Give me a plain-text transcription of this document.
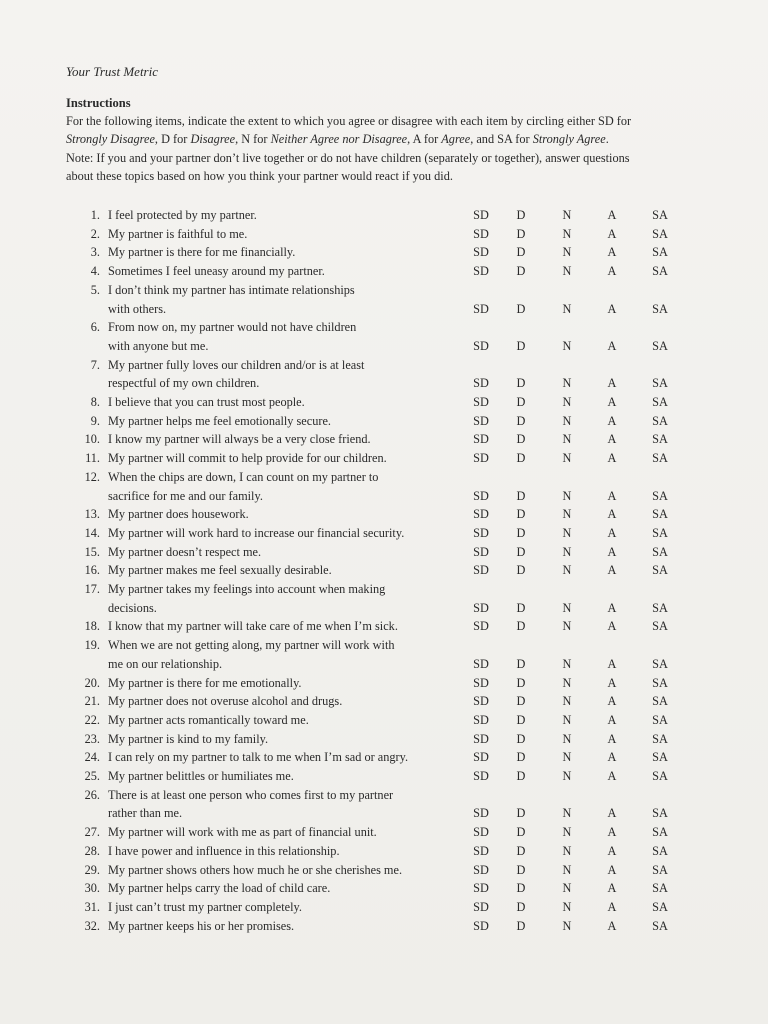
Your Trust Metric
Instructions
For the following items, indicate the extent to which you agree or disagree with each item by circling either SD for
Strongly Disagree, D for Disagree, N for Neither Agree nor Disagree, A for Agree, and SA for Strongly Agree.
Note: If you and your partner don’t live together or do not have children (separately or together), answer questions
about these topics based on how you think your partner would react if you did.
1. I feel protected by my partner.	SD	D	N	A	SA
2. My partner is faithful to me.	SD	D	N	A	SA
3. My partner is there for me financially.	SD	D	N	A	SA
4. Sometimes I feel uneasy around my partner.	SD	D	N	A	SA
5. I don’t think my partner has intimate relationships
with others.	SD	D	N	A	SA
6. From now on, my partner would not have children
with anyone but me.	SD	D	N	A	SA
7. My partner fully loves our children and/or is at least
respectful of my own children.	SD	D	N	A	SA
8. I believe that you can trust most people.	SD	D	N	A	SA
9. My partner helps me feel emotionally secure.	SD	D	N	A	SA
10. I know my partner will always be a very close friend.	SD	D	N	A	SA
11. My partner will commit to help provide for our children.	SD	D	N	A	SA
12. When the chips are down, I can count on my partner to
sacrifice for me and our family.	SD	D	N	A	SA
13. My partner does housework.	SD	D	N	A	SA
14. My partner will work hard to increase our financial security.	SD	D	N	A	SA
15. My partner doesn’t respect me.	SD	D	N	A	SA
16. My partner makes me feel sexually desirable.	SD	D	N	A	SA
17. My partner takes my feelings into account when making
decisions.	SD	D	N	A	SA
18. I know that my partner will take care of me when I’m sick.	SD	D	N	A	SA
19. When we are not getting along, my partner will work with
me on our relationship.	SD	D	N	A	SA
20. My partner is there for me emotionally.	SD	D	N	A	SA
21. My partner does not overuse alcohol and drugs.	SD	D	N	A	SA
22. My partner acts romantically toward me.	SD	D	N	A	SA
23. My partner is kind to my family.	SD	D	N	A	SA
24. I can rely on my partner to talk to me when I’m sad or angry.	SD	D	N	A	SA
25. My partner belittles or humiliates me.	SD	D	N	A	SA
26. There is at least one person who comes first to my partner
rather than me.	SD	D	N	A	SA
27. My partner will work with me as part of financial unit.	SD	D	N	A	SA
28. I have power and influence in this relationship.	SD	D	N	A	SA
29. My partner shows others how much he or she cherishes me.	SD	D	N	A	SA
30. My partner helps carry the load of child care.	SD	D	N	A	SA
31. I just can’t trust my partner completely.	SD	D	N	A	SA
32. My partner keeps his or her promises.	SD	D	N	A	SA
